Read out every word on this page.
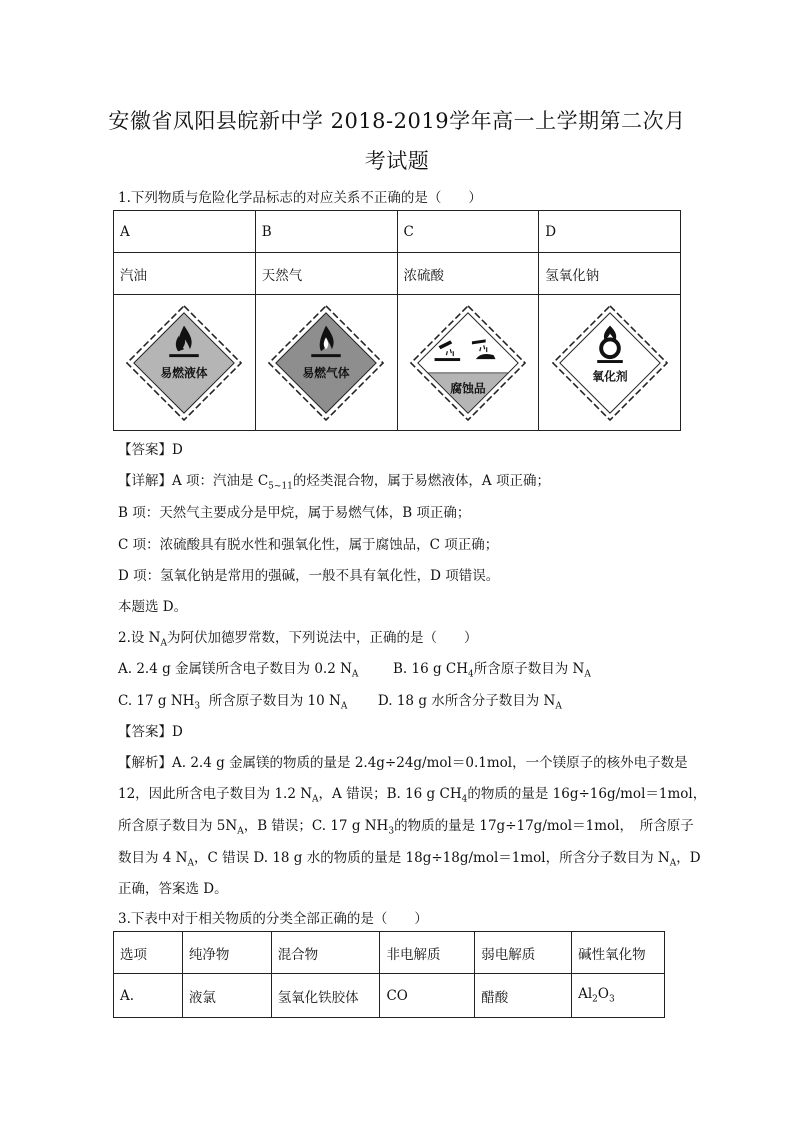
安徽省凤阳县皖新中学 2018-2019学年高一上学期第二次月
考试题
1.下列物质与危险化学品标志的对应关系不正确的是（　　）
A	B	C	D
汽油	天然气	浓硫酸	氢氧化钠

易燃液体	易燃气体	腐蚀品	氧化剂
【答案】D
【详解】A 项：汽油是 $C_{5\sim 11}$的烃类混合物，属于易燃液体，A 项正确；
B 项：天然气主要成分是甲烷，属于易燃气体，B 项正确；
C 项：浓硫酸具有脱水性和强氧化性，属于腐蚀品，C 项正确；
D 项：氢氧化钠是常用的强碱，一般不具有氧化性，D 项错误。
本题选 D。
2.设 $N_A$为阿伏加德罗常数，下列说法中，正确的是（　　）
A. 2.4 g 金属镁所含电子数目为 0.2 $N_A$	B. 16 g $CH_4$所含原子数目为 $N_A$
C. 17 g $NH_3$ 所含原子数目为 10 $N_A$ D. 18 g 水所含分子数目为 $N_A$
【答案】D
【解析】A. 2.4 g 金属镁的物质的量是 2.4g÷24g/mol＝0.1mol，一个镁原子的核外电子数是
12，因此所含电子数目为 1.2 $N_A$，A 错误；B. 16 g $CH_4$的物质的量是 16g÷16g/mol＝1mol，
所含原子数目为 $5N_A$，B 错误；C. 17 g $NH_3$的物质的量是 17g÷17g/mol＝1mol，　所含原子
数目为 4 $N_A$，C 错误 D. 18 g 水的物质的量是 18g÷18g/mol＝1mol，所含分子数目为 $N_A$，D
正确，答案选 D。
3.下表中对于相关物质的分类全部正确的是（　　）
选项	纯净物	混合物	非电解质	弱电解质	碱性氧化物
A.	液氯	氢氧化铁胶体	CO	醋酸	$Al_2O_3$
